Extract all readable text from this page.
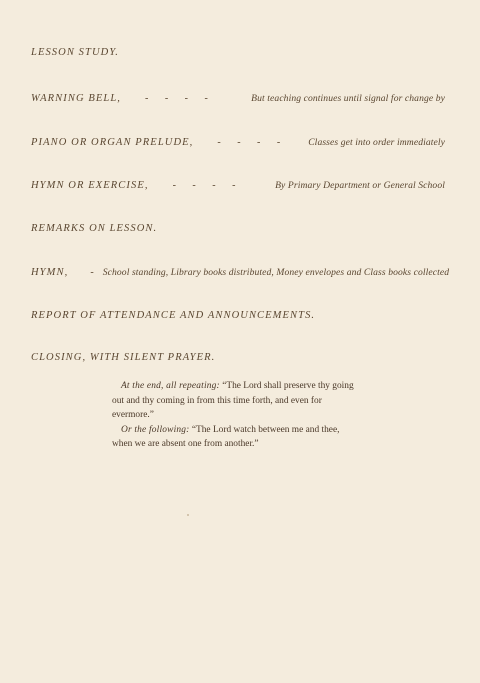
LESSON STUDY.
WARNING BELL, - - - -	But teaching continues until signal for change by
PIANO OR ORGAN PRELUDE, - - - -	Classes get into order immediately
HYMN OR EXERCISE, - - - -	By Primary Department or General School
REMARKS ON LESSON.
HYMN, - School standing, Library books distributed, Money envelopes and Class books collected
REPORT OF ATTENDANCE AND ANNOUNCEMENTS.
CLOSING, WITH SILENT PRAYER.

At the end, all repeating: “The Lord shall preserve thy going out and thy coming in from this time forth, and even for evermore.”

Or the following: “The Lord watch between me and thee, when we are absent one from another.”
